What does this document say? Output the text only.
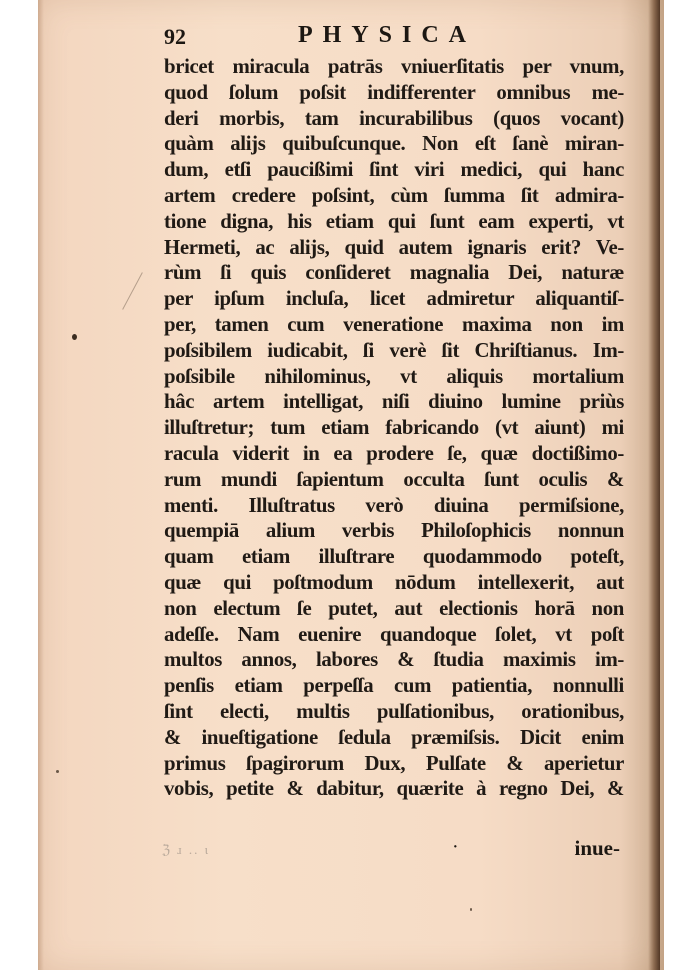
92	PHYSICA
bricet miracula patrās vniuerſitatis per vnum,
quod ſolum poſsit indifferenter omnibus me-
deri morbis, tam incurabilibus (quos vocant)
quàm alijs quibuſcunque. Non eſt ſanè miran-
dum, etſi paucißimi ſint viri medici, qui hanc
artem credere poſsint, cùm ſumma ſit admira-
tione digna, his etiam qui ſunt eam experti, vt
Hermeti, ac alijs, quid autem ignaris erit? Ve-
rùm ſi quis conſideret magnalia Dei, naturæ
per ipſum incluſa, licet admiretur aliquantiſ-
per, tamen cum veneratione maxima non im
poſsibilem iudicabit, ſi verè ſit Chriſtianus. Im-
poſsibile nihilominus, vt aliquis mortalium
hâc artem intelligat, niſi diuino lumine priùs
illuſtretur; tum etiam fabricando (vt aiunt) mi
racula viderit in ea prodere ſe, quæ doctißimo-
rum mundi ſapientum occulta ſunt oculis &
menti. Illuſtratus verò diuina permiſsione,
quempiā alium verbis Philoſophicis nonnun
quam etiam illuſtrare quodammodo poteſt,
quæ qui poſtmodum nōdum intellexerit, aut
non electum ſe putet, aut electionis horā non
adeſſe. Nam euenire quandoque ſolet, vt poſt
multos annos, labores & ſtudia maximis im-
penſis etiam perpeſſa cum patientia, nonnulli
ſint electi, multis pulſationibus, orationibus,
& inueſtigatione ſedula præmiſsis. Dicit enim
primus ſpagirorum Dux, Pulſate & aperietur
vobis, petite & dabitur, quærite à regno Dei, &
ℨ ɹ .. ɩ	·	inue-
